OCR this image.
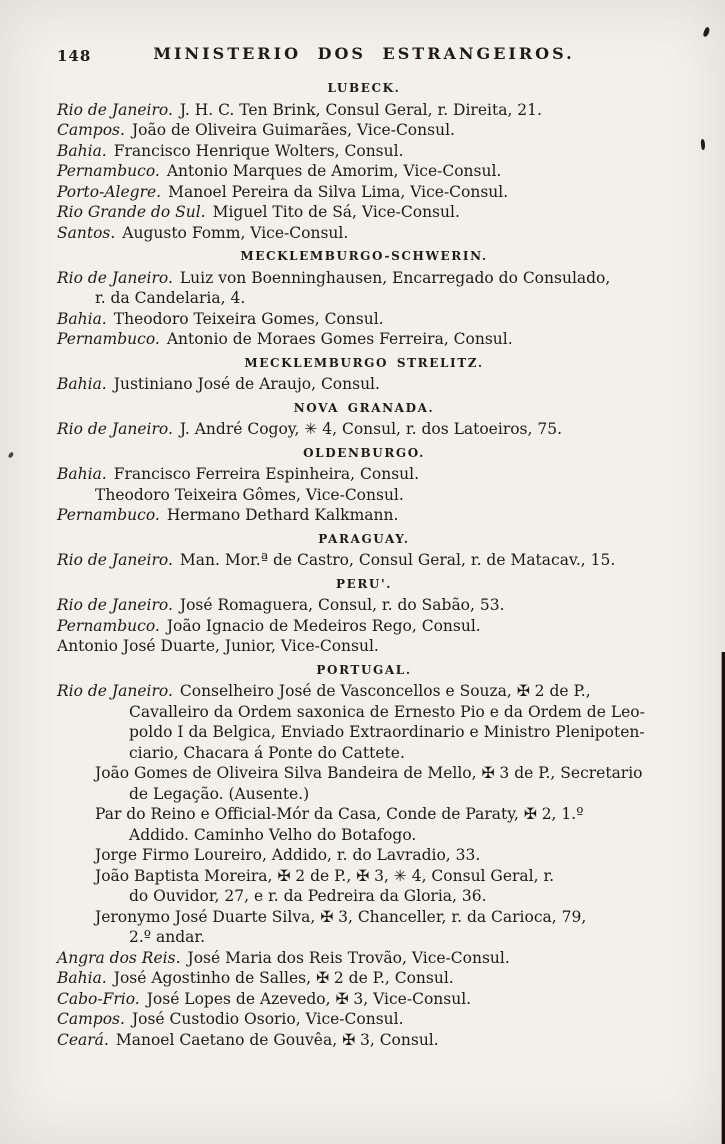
148	MINISTERIO DOS ESTRANGEIROS.
LUBECK.
Rio de Janeiro. J. H. C. Ten Brink, Consul Geral, r. Direita, 21.
Campos. João de Oliveira Guimarães, Vice-Consul.
Bahia. Francisco Henrique Wolters, Consul.
Pernambuco. Antonio Marques de Amorim, Vice-Consul.
Porto-Alegre. Manoel Pereira da Silva Lima, Vice-Consul.
Rio Grande do Sul. Miguel Tito de Sá, Vice-Consul.
Santos. Augusto Fomm, Vice-Consul.
MECKLEMBURGO-SCHWERIN.
Rio de Janeiro. Luiz von Boenninghausen, Encarregado do Consulado,
r. da Candelaria, 4.
Bahia. Theodoro Teixeira Gomes, Consul.
Pernambuco. Antonio de Moraes Gomes Ferreira, Consul.
MECKLEMBURGO STRELITZ.
Bahia. Justiniano José de Araujo, Consul.
NOVA GRANADA.
Rio de Janeiro. J. André Cogoy, ✳ 4, Consul, r. dos Latoeiros, 75.
OLDENBURGO.
Bahia. Francisco Ferreira Espinheira, Consul.
Theodoro Teixeira Gômes, Vice-Consul.
Pernambuco. Hermano Dethard Kalkmann.
PARAGUAY.
Rio de Janeiro. Man. Mor.ª de Castro, Consul Geral, r. de Matacav., 15.
PERU'.
Rio de Janeiro. José Romaguera, Consul, r. do Sabão, 53.
Pernambuco. João Ignacio de Medeiros Rego, Consul.
Antonio José Duarte, Junior, Vice-Consul.
PORTUGAL.
Rio de Janeiro. Conselheiro José de Vasconcellos e Souza, ✠ 2 de P.,
Cavalleiro da Ordem saxonica de Ernesto Pio e da Ordem de Leo-
poldo I da Belgica, Enviado Extraordinario e Ministro Plenipoten-
ciario, Chacara á Ponte do Cattete.
João Gomes de Oliveira Silva Bandeira de Mello, ✠ 3 de P., Secretario
de Legação. (Ausente.)
Par do Reino e Official-Mór da Casa, Conde de Paraty, ✠ 2, 1.º
Addido. Caminho Velho do Botafogo.
Jorge Firmo Loureiro, Addido, r. do Lavradio, 33.
João Baptista Moreira, ✠ 2 de P., ✠ 3, ✳ 4, Consul Geral, r.
do Ouvidor, 27, e r. da Pedreira da Gloria, 36.
Jeronymo José Duarte Silva, ✠ 3, Chanceller, r. da Carioca, 79,
2.º andar.
Angra dos Reis. José Maria dos Reis Trovão, Vice-Consul.
Bahia. José Agostinho de Salles, ✠ 2 de P., Consul.
Cabo-Frio. José Lopes de Azevedo, ✠ 3, Vice-Consul.
Campos. José Custodio Osorio, Vice-Consul.
Ceará. Manoel Caetano de Gouvêa, ✠ 3, Consul.
